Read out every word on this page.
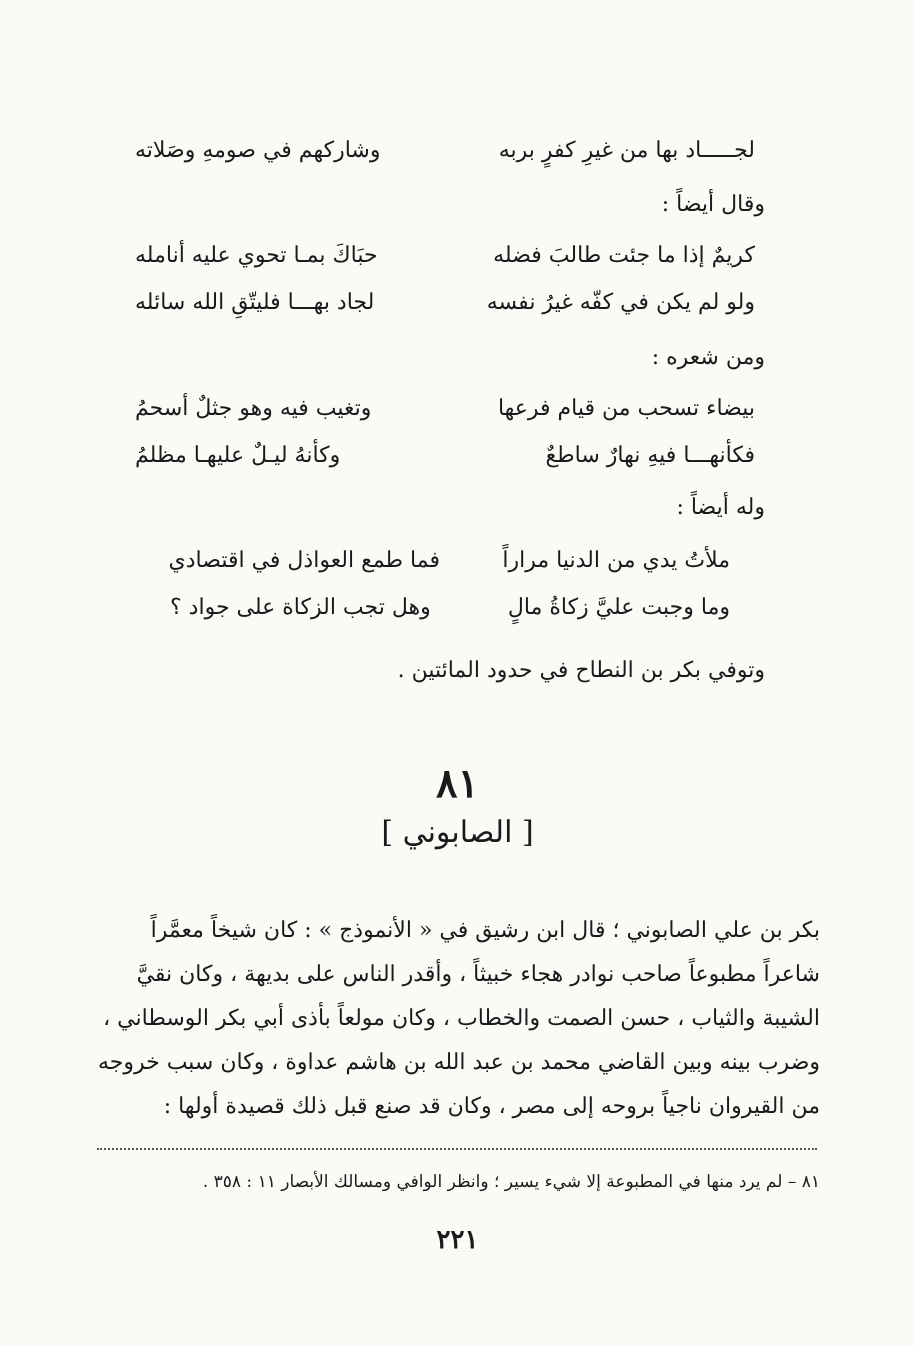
لجـــــاد بها من غيرِ كفرٍ بربه
وشاركهم في صومهِ وصَلاته
وقال أيضاً :
كريمٌ إذا ما جئت طالبَ فضله
حبَاكَ بمـا تحوي عليه أنامله
ولو لم يكن في كفّه غيرُ نفسه
لجاد بهـــا فليتّقِ الله سائله
ومن شعره :
بيضاء تسحب من قيام فرعها
وتغيب فيه وهو جثلٌ أسحمُ
فكأنهـــا فيهِ نهارٌ ساطعٌ
وكأنهُ ليـلٌ عليهـا مظلمُ
وله أيضاً :
ملأتُ يدي من الدنيا مراراً
فما طمع العواذل في اقتصادي
وما وجبت عليَّ زكاةُ مالٍ
وهل تجب الزكاة على جواد ؟
وتوفي بكر بن النطاح في حدود المائتين .
٨١
[ الصابوني ]
بكر بن علي الصابوني ؛ قال ابن رشيق في « الأنموذج » : كان شيخاً معمَّراً
شاعراً مطبوعاً صاحب نوادر هجاء خبيثاً ، وأقدر الناس على بديهة ، وكان نقيَّ
الشيبة والثياب ، حسن الصمت والخطاب ، وكان مولعاً بأذى أبي بكر الوسطاني ،
وضرب بينه وبين القاضي محمد بن عبد الله بن هاشم عداوة ، وكان سبب خروجه
من القيروان ناجياً بروحه إلى مصر ، وكان قد صنع قبل ذلك قصيدة أولها :
٨١ – لم يرد منها في المطبوعة إلا شيء يسير ؛ وانظر الوافي ومسالك الأبصار ١١ : ٣٥٨ .
٢٢١
